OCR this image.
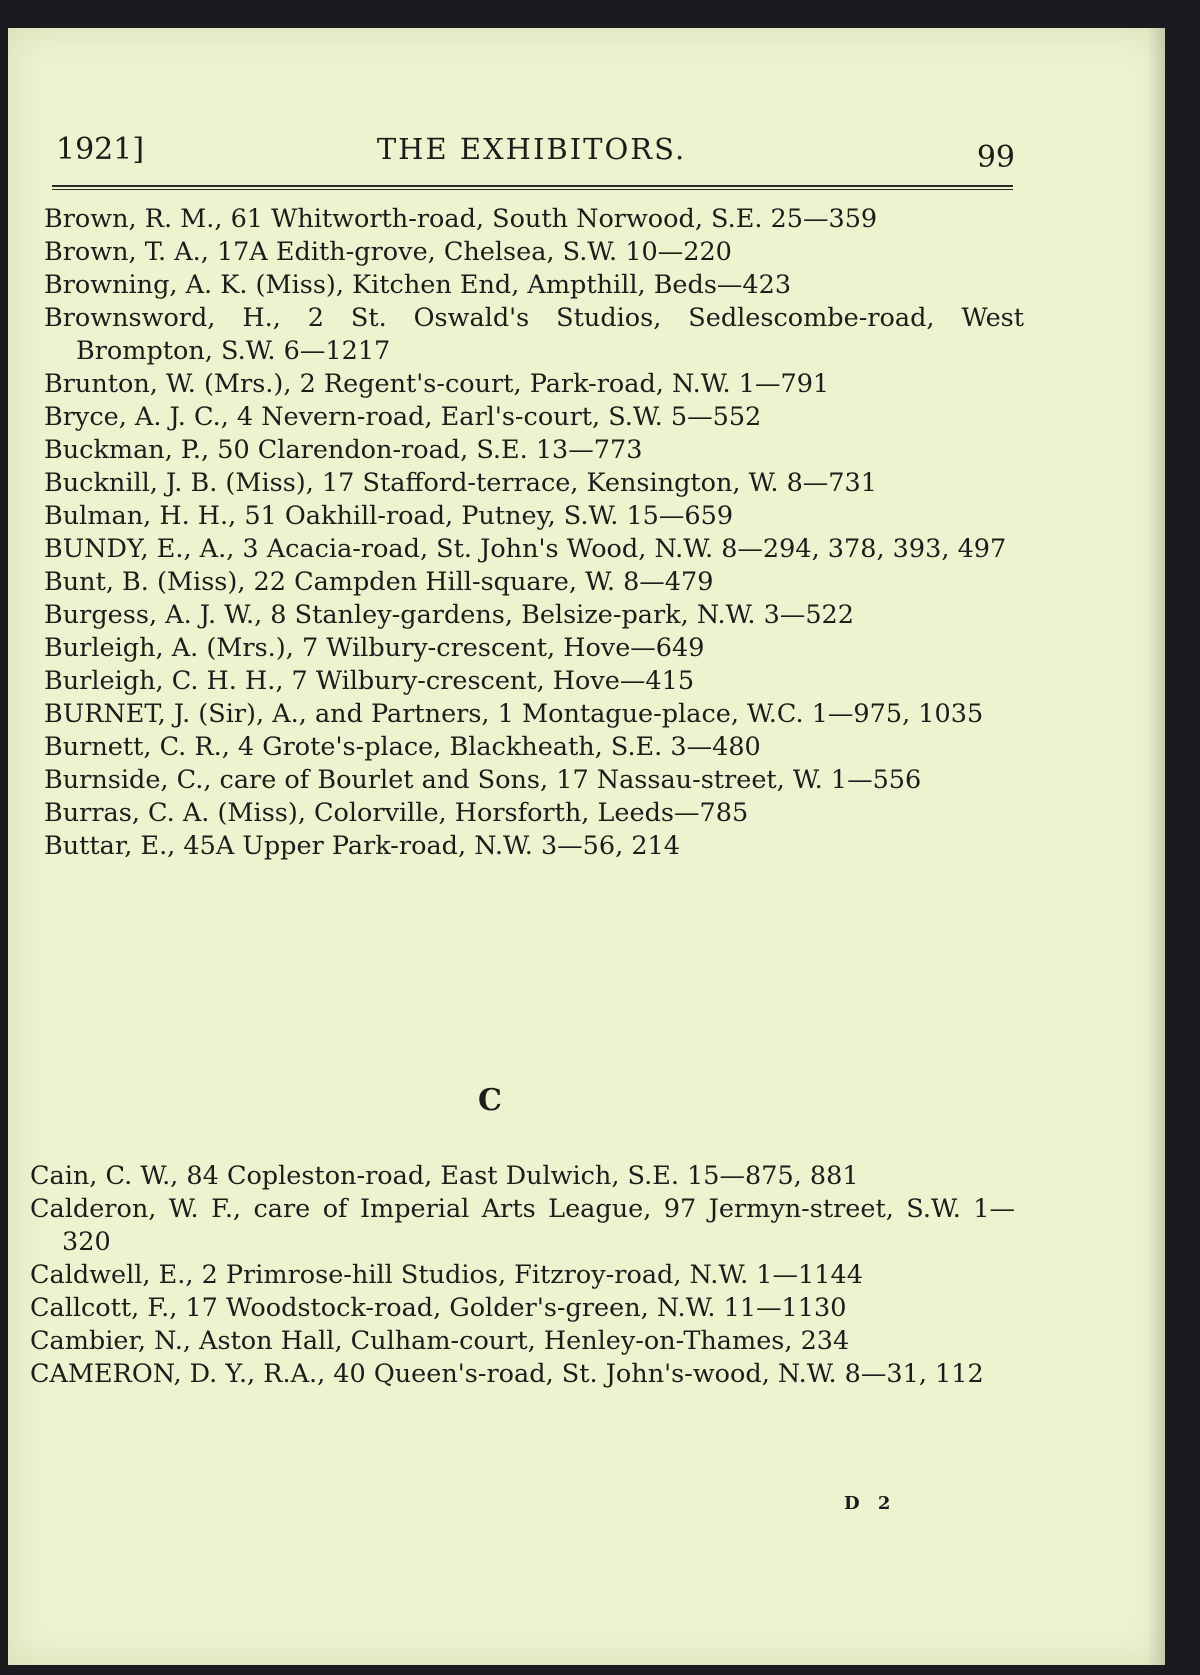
1921]	THE EXHIBITORS.	99

Brown, R. M., 61 Whitworth-road, South Norwood, S.E. 25—359

Brown, T. A., 17A Edith-grove, Chelsea, S.W. 10—220

Browning, A. K. (Miss), Kitchen End, Ampthill, Beds—423

Brownsword, H., 2 St. Oswald's Studios, Sedlescombe-road, West Brompton, S.W. 6—1217

Brunton, W. (Mrs.), 2 Regent's-court, Park-road, N.W. 1—791

Bryce, A. J. C., 4 Nevern-road, Earl's-court, S.W. 5—552

Buckman, P., 50 Clarendon-road, S.E. 13—773

Bucknill, J. B. (Miss), 17 Stafford-terrace, Kensington, W. 8—731

Bulman, H. H., 51 Oakhill-road, Putney, S.W. 15—659

BUNDY, E., A., 3 Acacia-road, St. John's Wood, N.W. 8—294, 378, 393, 497

Bunt, B. (Miss), 22 Campden Hill-square, W. 8—479

Burgess, A. J. W., 8 Stanley-gardens, Belsize-park, N.W. 3—522

Burleigh, A. (Mrs.), 7 Wilbury-crescent, Hove—649

Burleigh, C. H. H., 7 Wilbury-crescent, Hove—415

BURNET, J. (Sir), A., and Partners, 1 Montague-place, W.C. 1—975, 1035

Burnett, C. R., 4 Grote's-place, Blackheath, S.E. 3—480

Burnside, C., care of Bourlet and Sons, 17 Nassau-street, W. 1—556

Burras, C. A. (Miss), Colorville, Horsforth, Leeds—785

Buttar, E., 45A Upper Park-road, N.W. 3—56, 214

C

Cain, C. W., 84 Copleston-road, East Dulwich, S.E. 15—875, 881

Calderon, W. F., care of Imperial Arts League, 97 Jermyn-street, S.W. 1—320

Caldwell, E., 2 Primrose-hill Studios, Fitzroy-road, N.W. 1—1144

Callcott, F., 17 Woodstock-road, Golder's-green, N.W. 11—1130

Cambier, N., Aston Hall, Culham-court, Henley-on-Thames, 234

CAMERON, D. Y., R.A., 40 Queen's-road, St. John's-wood, N.W. 8—31, 112

D 2
